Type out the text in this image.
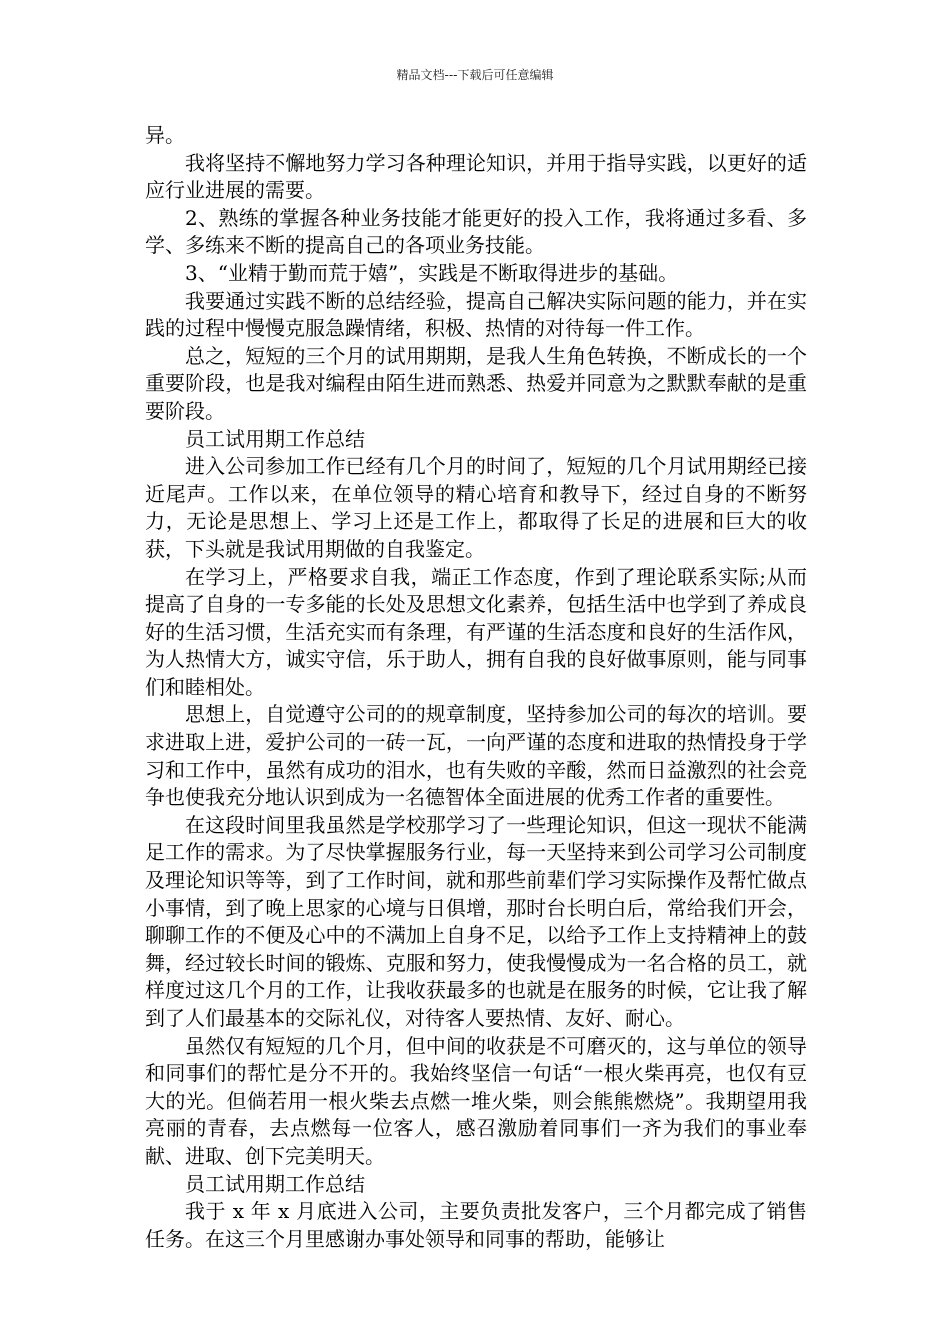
精品文档---下载后可任意编辑

异。

我将坚持不懈地努力学习各种理论知识，并用于指导实践，以更好的适应行业进展的需要。

2、熟练的掌握各种业务技能才能更好的投入工作，我将通过多看、多学、多练来不断的提高自己的各项业务技能。

3、“业精于勤而荒于嬉”，实践是不断取得进步的基础。

我要通过实践不断的总结经验，提高自己解决实际问题的能力，并在实践的过程中慢慢克服急躁情绪，积极、热情的对待每一件工作。

总之，短短的三个月的试用期期，是我人生角色转换，不断成长的一个重要阶段，也是我对编程由陌生进而熟悉、热爱并同意为之默默奉献的是重要阶段。

员工试用期工作总结

进入公司参加工作已经有几个月的时间了，短短的几个月试用期经已接近尾声。工作以来，在单位领导的精心培育和教导下，经过自身的不断努力，无论是思想上、学习上还是工作上，都取得了长足的进展和巨大的收获，下头就是我试用期做的自我鉴定。

在学习上，严格要求自我，端正工作态度，作到了理论联系实际;从而提高了自身的一专多能的长处及思想文化素养，包括生活中也学到了养成良好的生活习惯，生活充实而有条理，有严谨的生活态度和良好的生活作风，为人热情大方，诚实守信，乐于助人，拥有自我的良好做事原则，能与同事们和睦相处。

思想上，自觉遵守公司的的规章制度，坚持参加公司的每次的培训。要求进取上进，爱护公司的一砖一瓦，一向严谨的态度和进取的热情投身于学习和工作中，虽然有成功的泪水，也有失败的辛酸，然而日益激烈的社会竞争也使我充分地认识到成为一名德智体全面进展的优秀工作者的重要性。

在这段时间里我虽然是学校那学习了一些理论知识，但这一现状不能满足工作的需求。为了尽快掌握服务行业，每一天坚持来到公司学习公司制度及理论知识等等，到了工作时间，就和那些前辈们学习实际操作及帮忙做点小事情，到了晚上思家的心境与日俱增，那时台长明白后，常给我们开会，聊聊工作的不便及心中的不满加上自身不足，以给予工作上支持精神上的鼓舞，经过较长时间的锻炼、克服和努力，使我慢慢成为一名合格的员工，就样度过这几个月的工作，让我收获最多的也就是在服务的时候，它让我了解到了人们最基本的交际礼仪，对待客人要热情、友好、耐心。

虽然仅有短短的几个月，但中间的收获是不可磨灭的，这与单位的领导和同事们的帮忙是分不开的。我始终坚信一句话“一根火柴再亮，也仅有豆大的光。但倘若用一根火柴去点燃一堆火柴，则会熊熊燃烧”。我期望用我亮丽的青春，去点燃每一位客人，感召激励着同事们一齐为我们的事业奉献、进取、创下完美明天。

员工试用期工作总结

我于 x 年 x 月底进入公司，主要负责批发客户，三个月都完成了销售任务。在这三个月里感谢办事处领导和同事的帮助，能够让
